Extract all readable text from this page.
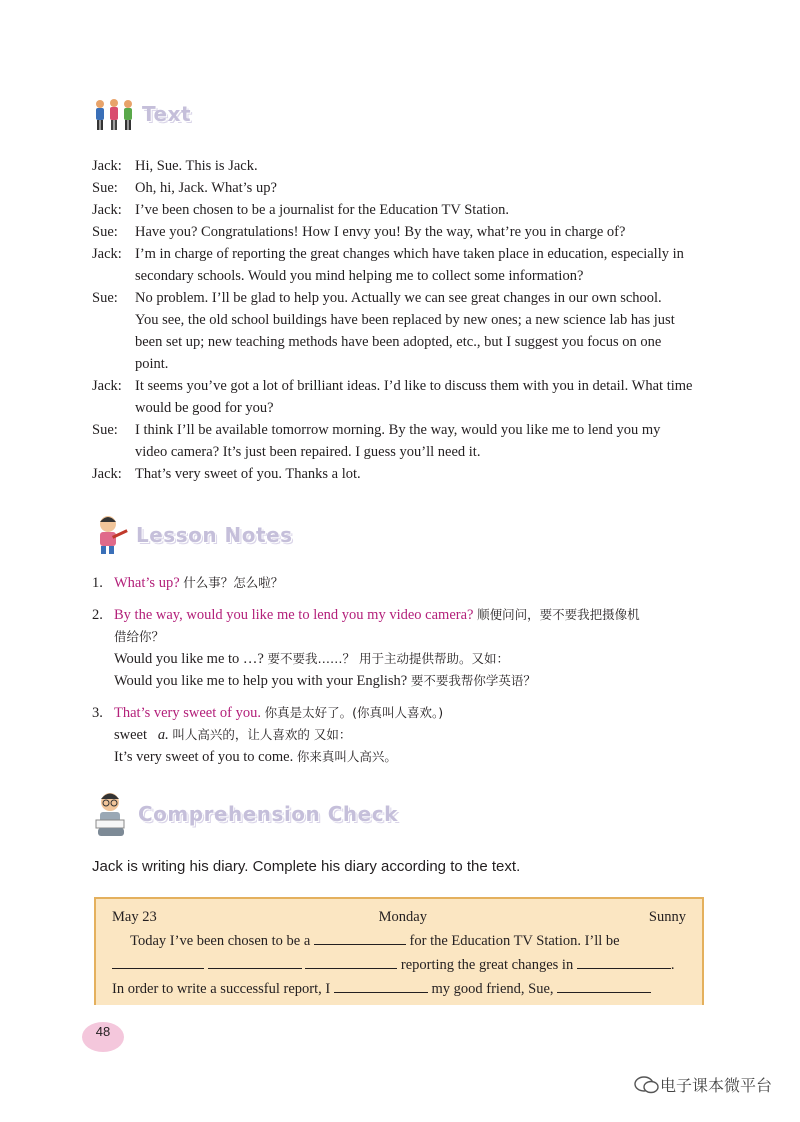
Text
Jack: Hi, Sue. This is Jack.
Sue:	Oh, hi, Jack. What’s up?
Jack: I’ve been chosen to be a journalist for the Education TV Station.
Sue:	Have you? Congratulations! How I envy you! By the way, what’re you in charge of?
Jack: I’m in charge of reporting the great changes which have taken place in education, especially in
secondary schools. Would you mind helping me to collect some information?
Sue:	No problem. I’ll be glad to help you. Actually we can see great changes in our own school.
You see, the old school buildings have been replaced by new ones; a new science lab has just
been set up; new teaching methods have been adopted, etc., but I suggest you focus on one
point.
Jack: It seems you’ve got a lot of brilliant ideas. I’d like to discuss them with you in detail. What time
would be good for you?
Sue:	I think I’ll be available tomorrow morning. By the way, would you like me to lend you my
video camera? It’s just been repaired. I guess you’ll need it.
Jack: That’s very sweet of you. Thanks a lot.
Lesson Notes
1. What’s up? 什么事？怎么啦？
2. By the way, would you like me to lend you my video camera? 顺便问问，要不要我把摄像机
借给你？
Would you like me to …? 要不要我……？ 用于主动提供帮助。又如：
Would you like me to help you with your English? 要不要我帮你学英语？
3. That’s very sweet of you. 你真是太好了。(你真叫人喜欢。)
sweet a. 叫人高兴的，让人喜欢的 又如：
It’s very sweet of you to come. 你来真叫人高兴。
Comprehension Check
Jack is writing his diary. Complete his diary according to the text.
May 23	Monday	Sunny

Today I’ve been chosen to be a	for the Education TV Station. I’ll be

reporting the great changes in	.

In order to write a successful report, I	my good friend, Sue,

48
电子课本微平台
